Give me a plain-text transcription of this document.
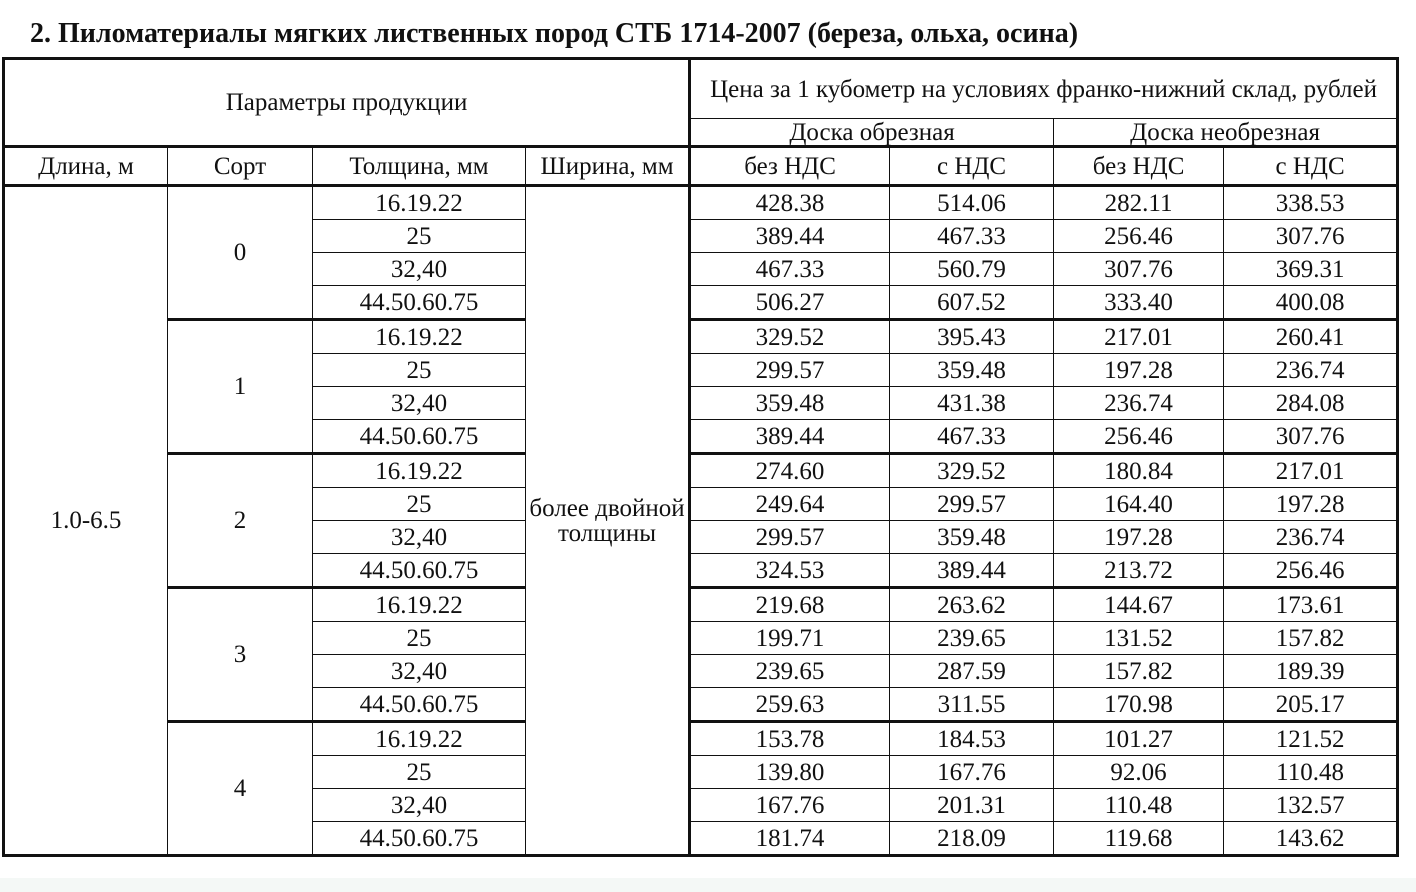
2. Пиломатериалы мягких лиственных пород СТБ 1714-2007 (береза, ольха, осина)
Параметры продукции				Цена за 1 кубометр на условиях франко-нижний склад, рублей			
				Доска обрезная		Доска необрезная	
Длина, м	Сорт	Толщина, мм	Ширина, мм	без НДС	с НДС	без НДС	с НДС
1.0-6.5	0	16.19.22	более двойной толщины	428.38	514.06	282.11	338.53
		25		389.44	467.33	256.46	307.76
		32,40		467.33	560.79	307.76	369.31
		44.50.60.75		506.27	607.52	333.40	400.08
	1	16.19.22		329.52	395.43	217.01	260.41
		25		299.57	359.48	197.28	236.74
		32,40		359.48	431.38	236.74	284.08
		44.50.60.75		389.44	467.33	256.46	307.76
	2	16.19.22		274.60	329.52	180.84	217.01
		25		249.64	299.57	164.40	197.28
		32,40		299.57	359.48	197.28	236.74
		44.50.60.75		324.53	389.44	213.72	256.46
	3	16.19.22		219.68	263.62	144.67	173.61
		25		199.71	239.65	131.52	157.82
		32,40		239.65	287.59	157.82	189.39
		44.50.60.75		259.63	311.55	170.98	205.17
	4	16.19.22		153.78	184.53	101.27	121.52
		25		139.80	167.76	92.06	110.48
		32,40		167.76	201.31	110.48	132.57
		44.50.60.75		181.74	218.09	119.68	143.62
